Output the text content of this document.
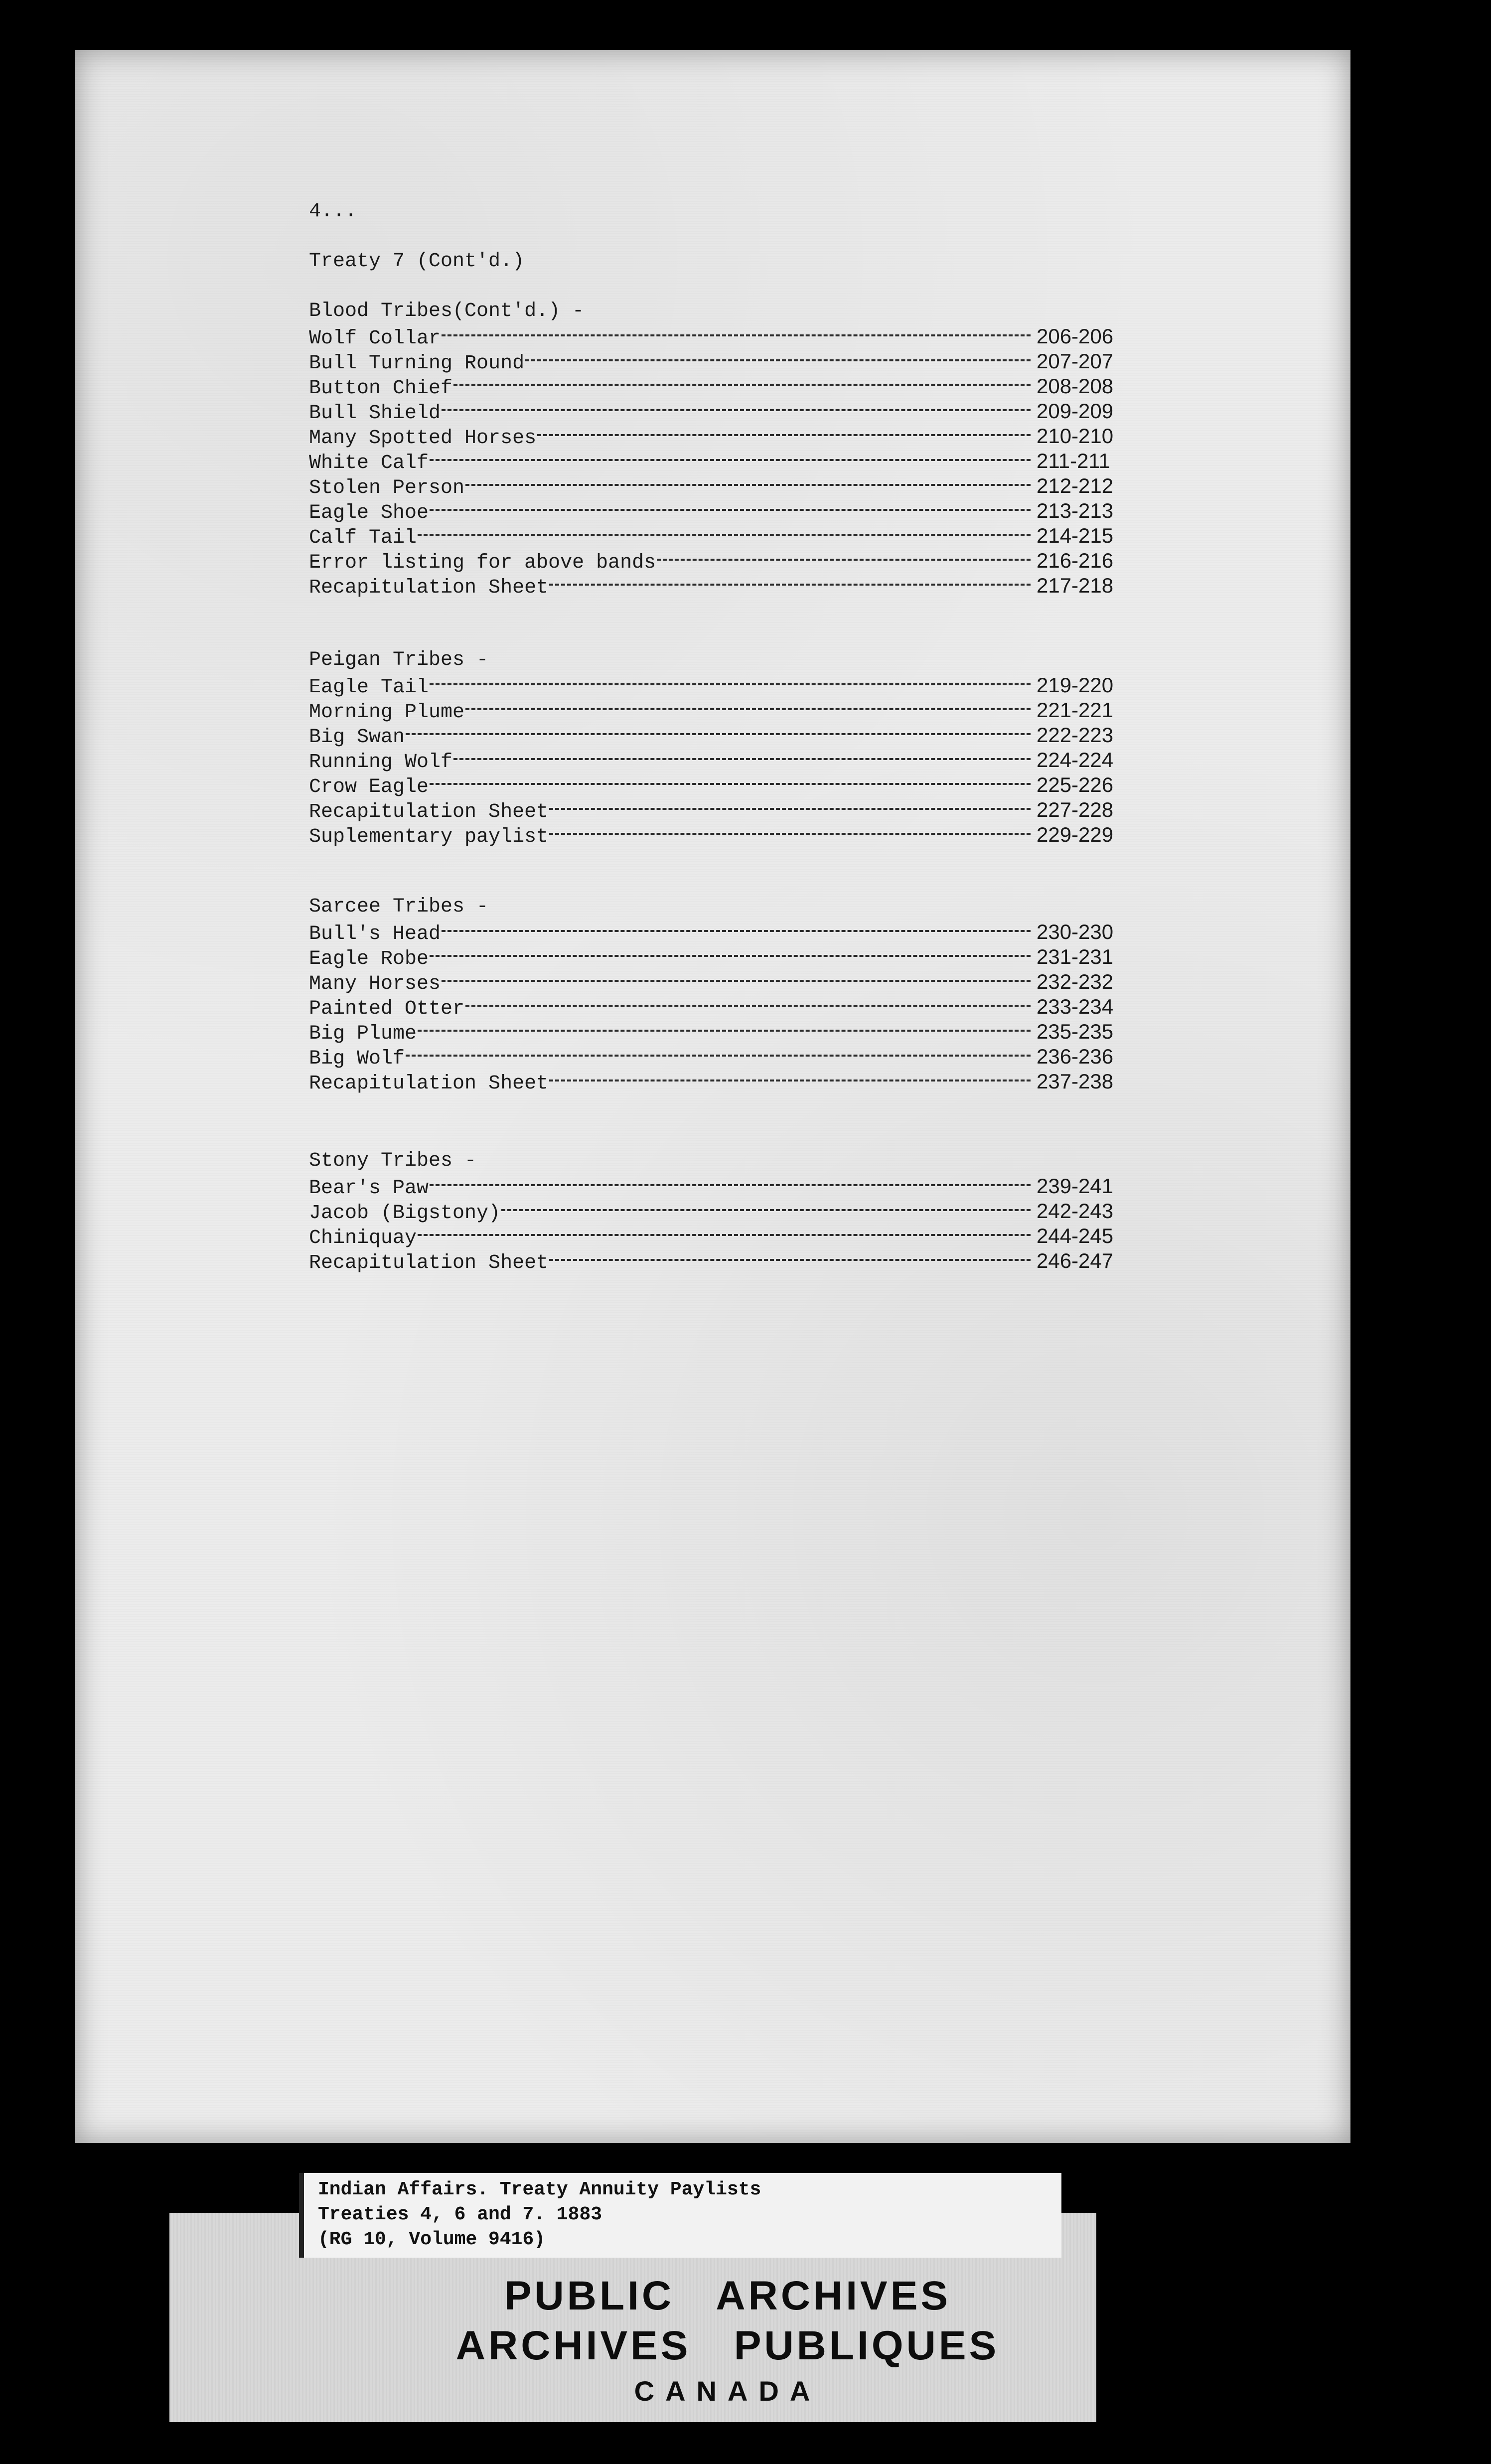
4...
Treaty 7 (Cont'd.)
Blood Tribes(Cont'd.) -
Wolf Collar	206-206
Bull Turning Round	207-207
Button Chief	208-208
Bull Shield	209-209
Many Spotted Horses	210-210
White Calf	211-211
Stolen Person	212-212
Eagle Shoe	213-213
Calf Tail	214-215
Error listing for above bands	216-216
Recapitulation Sheet	217-218
Peigan Tribes -
Eagle Tail	219-220
Morning Plume	221-221
Big Swan	222-223
Running Wolf	224-224
Crow Eagle	225-226
Recapitulation Sheet	227-228
Suplementary paylist	229-229
Sarcee Tribes -
Bull's Head	230-230
Eagle Robe	231-231
Many Horses	232-232
Painted Otter	233-234
Big Plume	235-235
Big Wolf	236-236
Recapitulation Sheet	237-238
Stony Tribes -
Bear's Paw	239-241
Jacob (Bigstony)	242-243
Chiniquay	244-245
Recapitulation Sheet	246-247
Indian Affairs. Treaty Annuity Paylists
Treaties 4, 6 and 7. 1883
(RG 10, Volume 9416)
PUBLIC   ARCHIVES
ARCHIVES   PUBLIQUES
CANADA
